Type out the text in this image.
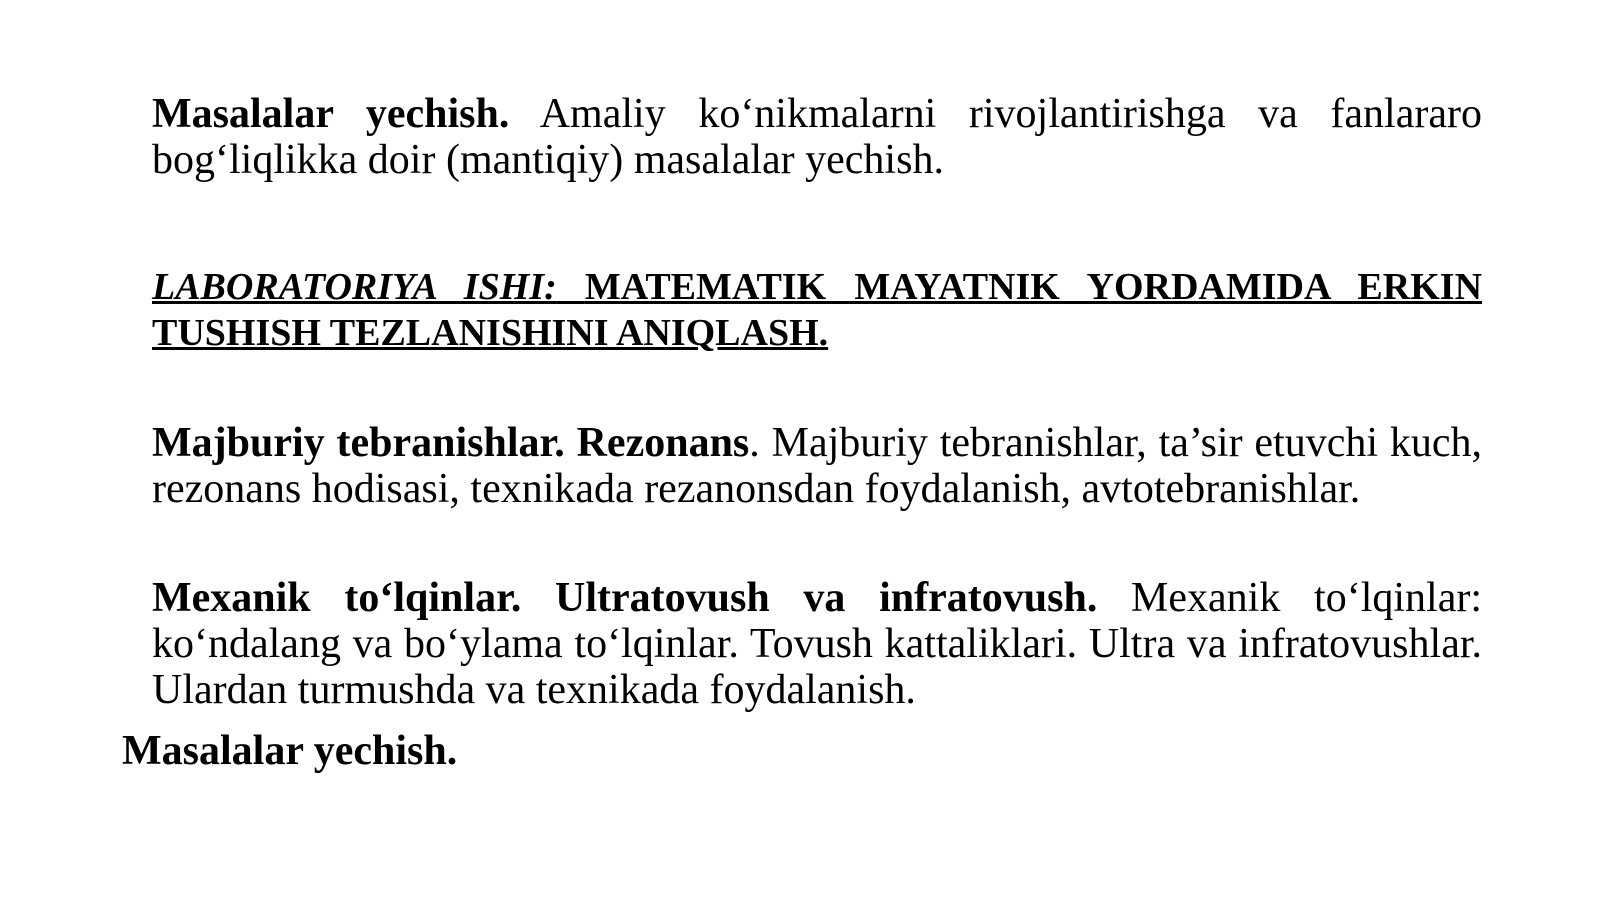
Masalalar yechish. Amaliy ko‘nikmalarni rivojlantirishga va fanlararo bog‘liqlikka doir (mantiqiy) masalalar yechish.

LABORATORIYA ISHI: MATEMATIK MAYATNIK YORDAMIDA ERKIN TUSHISH TEZLANISHINI ANIQLASH.

Majburiy tebranishlar. Rezonans. Majburiy tebranishlar, ta’sir etuvchi kuch, rezonans hodisasi, texnikada rezanonsdan foydalanish, avtotebranishlar.

Mexanik to‘lqinlar. Ultratovush va infratovush. Mexanik to‘lqinlar: ko‘ndalang va bo‘ylama to‘lqinlar. Tovush kattaliklari. Ultra va infratovushlar. Ulardan turmushda va texnikada foydalanish.

Masalalar yechish.
